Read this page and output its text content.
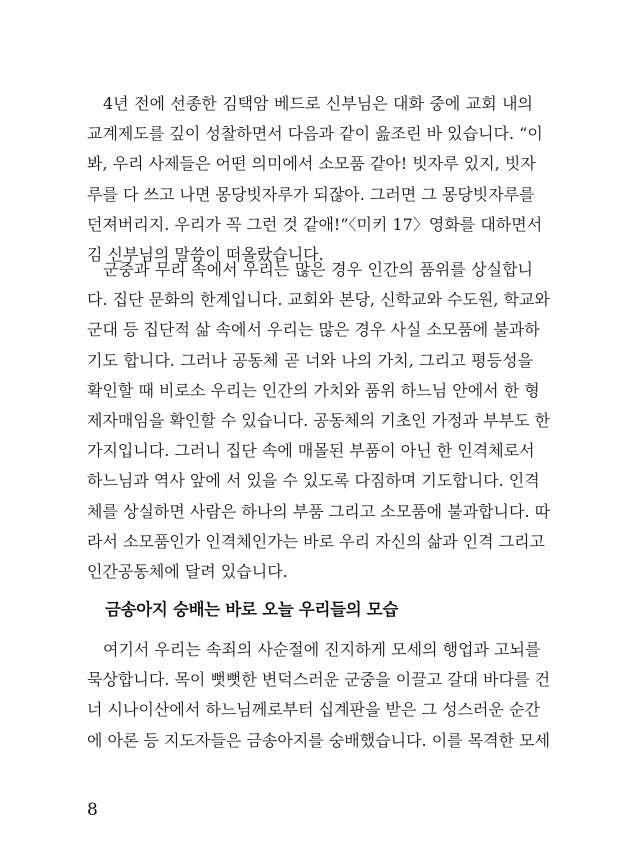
4년 전에 선종한 김택암 베드로 신부님은 대화 중에 교회 내의
교계제도를 깊이 성찰하면서 다음과 같이 읊조린 바 있습니다. “이
봐, 우리 사제들은 어떤 의미에서 소모품 같아! 빗자루 있지, 빗자
루를 다 쓰고 나면 몽당빗자루가 되잖아. 그러면 그 몽당빗자루를
던져버리지. 우리가 꼭 그런 것 같애!”〈미키 17〉영화를 대하면서
김 신부님의 말씀이 떠올랐습니다.
군중과 무리 속에서 우리는 많은 경우 인간의 품위를 상실합니
다. 집단 문화의 한계입니다. 교회와 본당, 신학교와 수도원, 학교와
군대 등 집단적 삶 속에서 우리는 많은 경우 사실 소모품에 불과하
기도 합니다. 그러나 공동체 곧 너와 나의 가치, 그리고 평등성을
확인할 때 비로소 우리는 인간의 가치와 품위 하느님 안에서 한 형
제자매임을 확인할 수 있습니다. 공동체의 기초인 가정과 부부도 한
가지입니다. 그러니 집단 속에 매몰된 부품이 아닌 한 인격체로서
하느님과 역사 앞에 서 있을 수 있도록 다짐하며 기도합니다. 인격
체를 상실하면 사람은 하나의 부품 그리고 소모품에 불과합니다. 따
라서 소모품인가 인격체인가는 바로 우리 자신의 삶과 인격 그리고
인간공동체에 달려 있습니다.
금송아지 숭배는 바로 오늘 우리들의 모습
여기서 우리는 속죄의 사순절에 진지하게 모세의 행업과 고뇌를
묵상합니다. 목이 뻣뻣한 변덕스러운 군중을 이끌고 갈대 바다를 건
너 시나이산에서 하느님께로부터 십계판을 받은 그 성스러운 순간
에 아론 등 지도자들은 금송아지를 숭배했습니다. 이를 목격한 모세
8
